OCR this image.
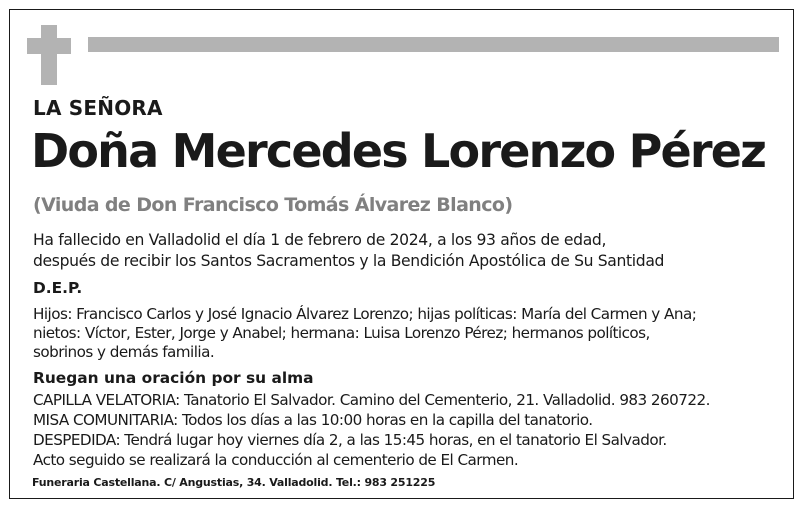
LA SEÑORA
Doña Mercedes Lorenzo Pérez
(Viuda de Don Francisco Tomás Álvarez Blanco)
Ha fallecido en Valladolid el día 1 de febrero de 2024, a los 93 años de edad,
después de recibir los Santos Sacramentos y la Bendición Apostólica de Su Santidad
D.E.P.
Hijos: Francisco Carlos y José Ignacio Álvarez Lorenzo; hijas políticas: María del Carmen y Ana;
nietos: Víctor, Ester, Jorge y Anabel; hermana: Luisa Lorenzo Pérez; hermanos políticos,
sobrinos y demás familia.
Ruegan una oración por su alma
CAPILLA VELATORIA: Tanatorio El Salvador. Camino del Cementerio, 21. Valladolid. 983 260722.
MISA COMUNITARIA: Todos los días a las 10:00 horas en la capilla del tanatorio.
DESPEDIDA: Tendrá lugar hoy viernes día 2, a las 15:45 horas, en el tanatorio El Salvador.
Acto seguido se realizará la conducción al cementerio de El Carmen.
Funeraria Castellana. C/ Angustias, 34. Valladolid. Tel.: 983 251225
